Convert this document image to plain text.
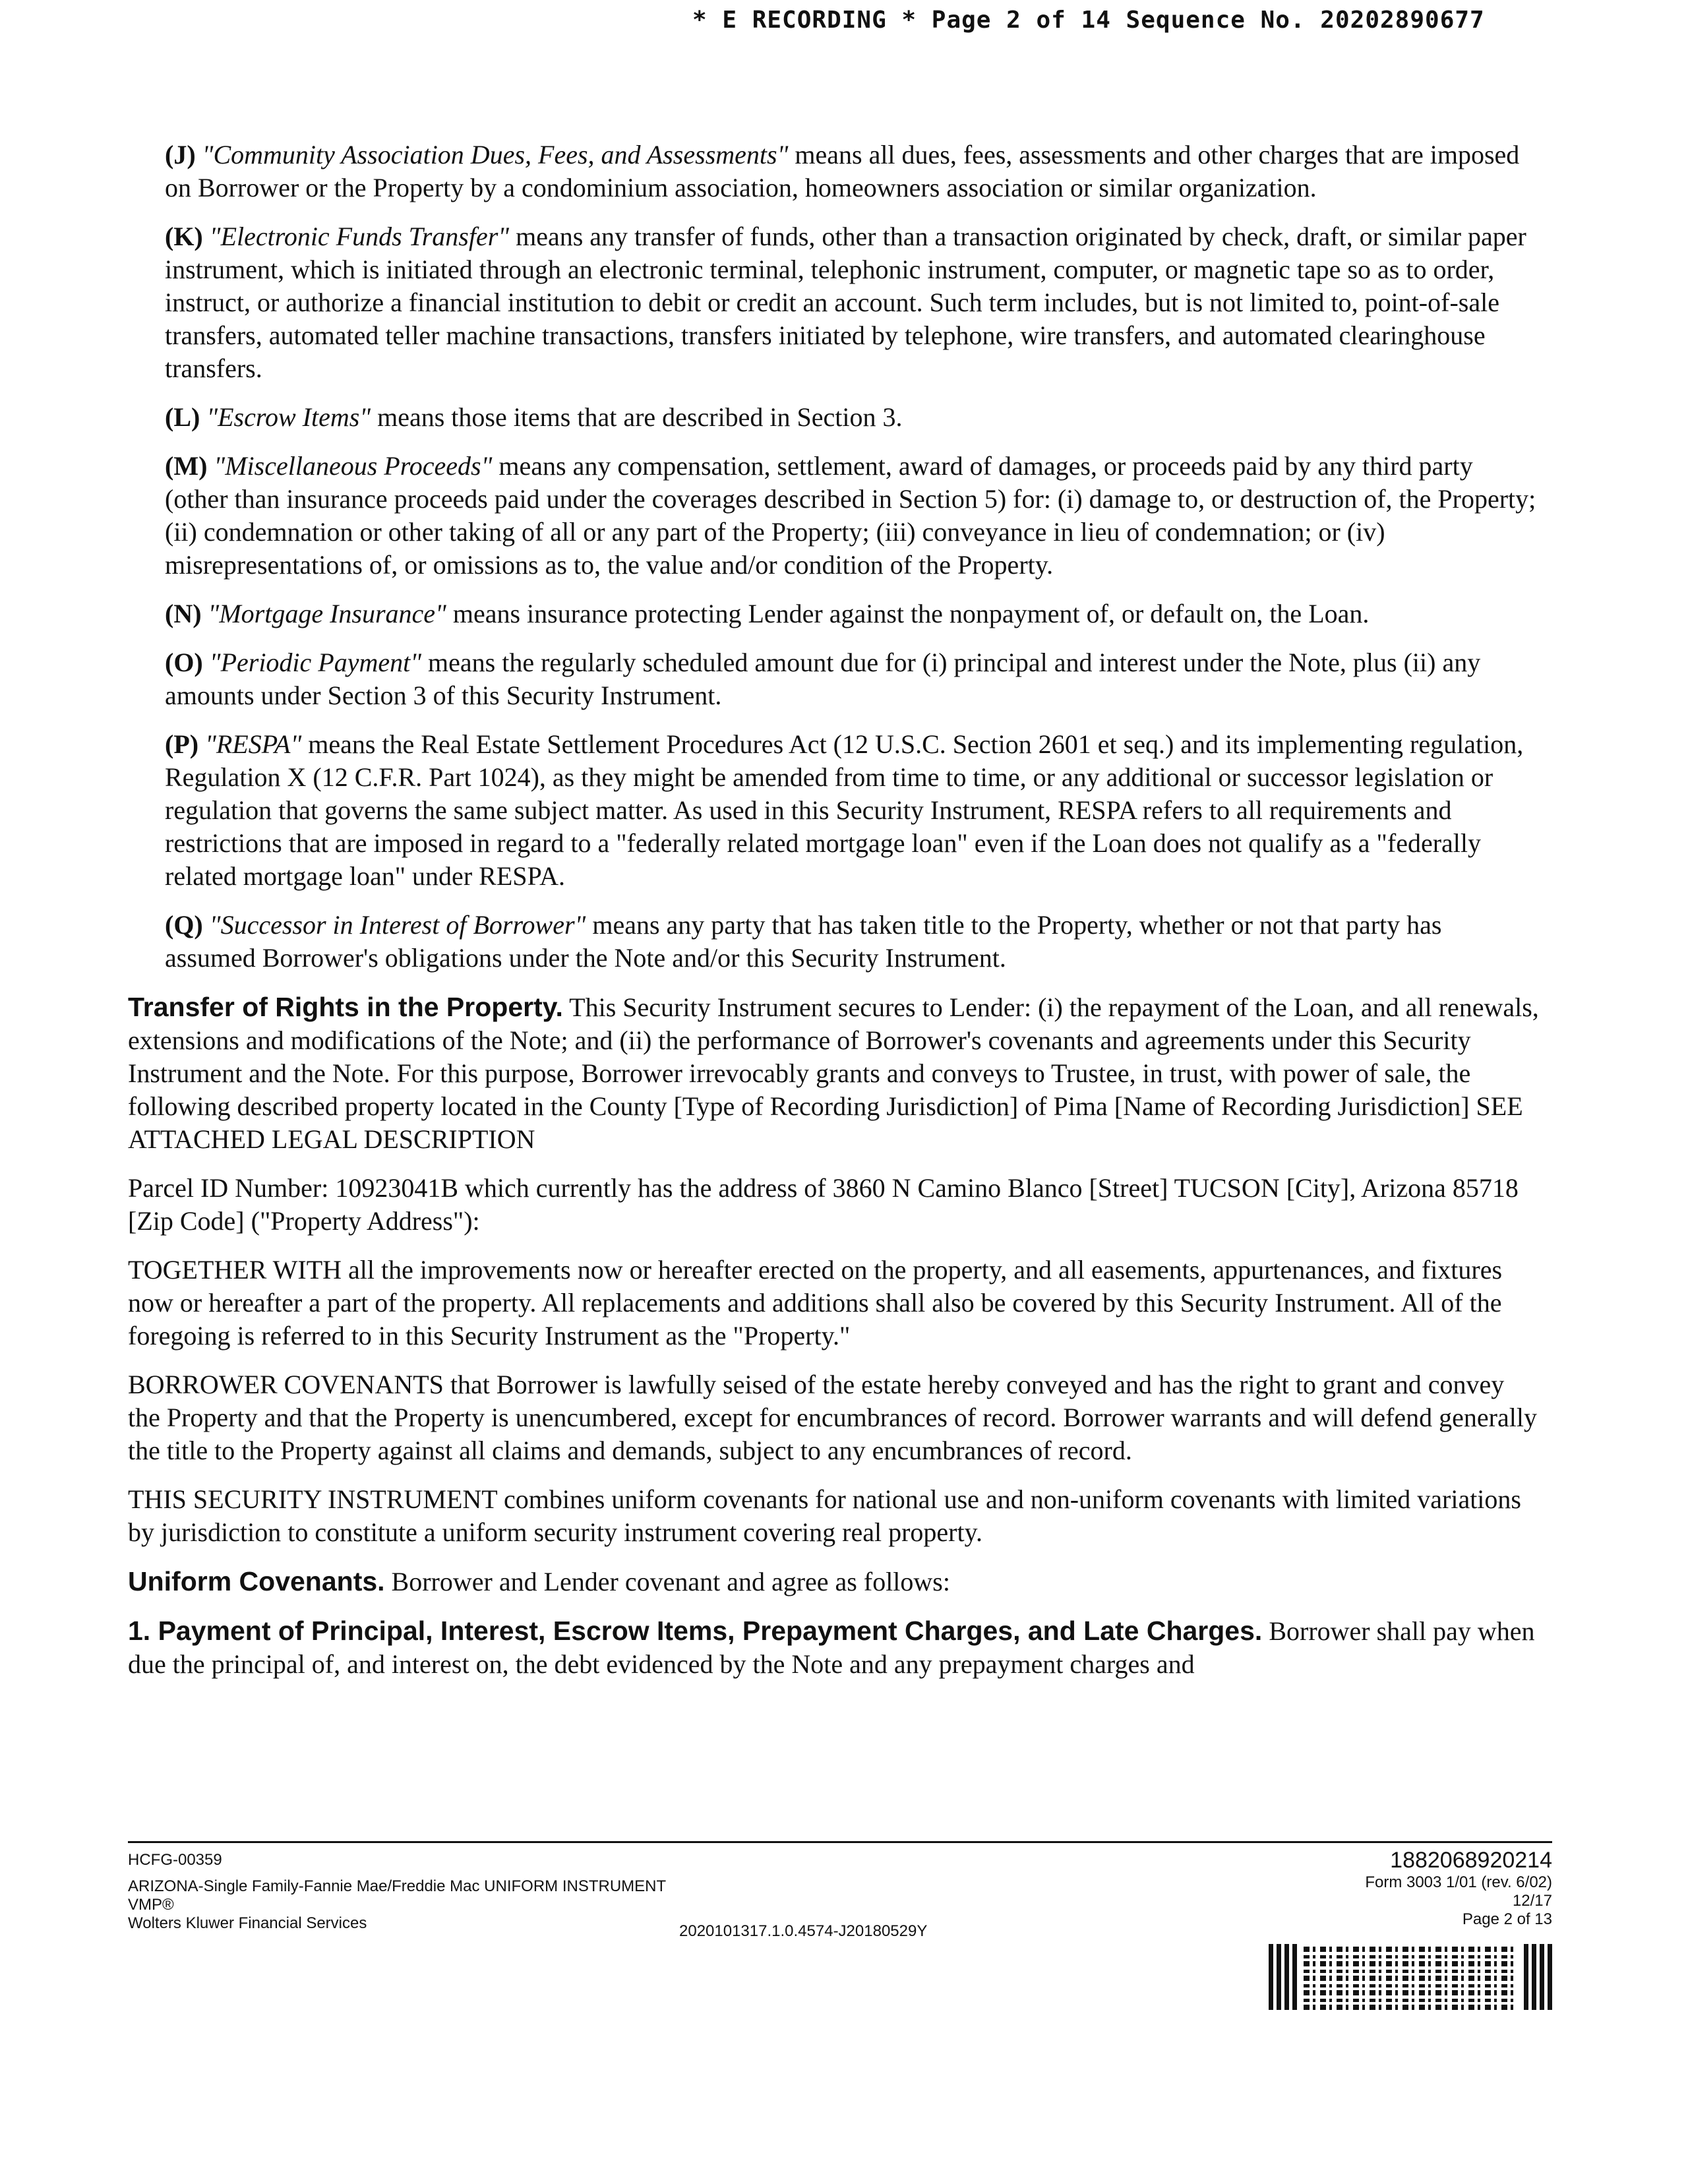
* E RECORDING * Page 2 of 14 Sequence No. 20202890677

(J) "Community Association Dues, Fees, and Assessments" means all dues, fees, assessments and other charges that are imposed on Borrower or the Property by a condominium association, homeowners association or similar organization.

(K) "Electronic Funds Transfer" means any transfer of funds, other than a transaction originated by check, draft, or similar paper instrument, which is initiated through an electronic terminal, telephonic instrument, computer, or magnetic tape so as to order, instruct, or authorize a financial institution to debit or credit an account. Such term includes, but is not limited to, point-of-sale transfers, automated teller machine transactions, transfers initiated by telephone, wire transfers, and automated clearinghouse transfers.

(L) "Escrow Items" means those items that are described in Section 3.

(M) "Miscellaneous Proceeds" means any compensation, settlement, award of damages, or proceeds paid by any third party (other than insurance proceeds paid under the coverages described in Section 5) for: (i) damage to, or destruction of, the Property; (ii) condemnation or other taking of all or any part of the Property; (iii) conveyance in lieu of condemnation; or (iv) misrepresentations of, or omissions as to, the value and/or condition of the Property.

(N) "Mortgage Insurance" means insurance protecting Lender against the nonpayment of, or default on, the Loan.

(O) "Periodic Payment" means the regularly scheduled amount due for (i) principal and interest under the Note, plus (ii) any amounts under Section 3 of this Security Instrument.

(P) "RESPA" means the Real Estate Settlement Procedures Act (12 U.S.C. Section 2601 et seq.) and its implementing regulation, Regulation X (12 C.F.R. Part 1024), as they might be amended from time to time, or any additional or successor legislation or regulation that governs the same subject matter. As used in this Security Instrument, RESPA refers to all requirements and restrictions that are imposed in regard to a "federally related mortgage loan" even if the Loan does not qualify as a "federally related mortgage loan" under RESPA.

(Q) "Successor in Interest of Borrower" means any party that has taken title to the Property, whether or not that party has assumed Borrower's obligations under the Note and/or this Security Instrument.

Transfer of Rights in the Property. This Security Instrument secures to Lender: (i) the repayment of the Loan, and all renewals, extensions and modifications of the Note; and (ii) the performance of Borrower's covenants and agreements under this Security Instrument and the Note. For this purpose, Borrower irrevocably grants and conveys to Trustee, in trust, with power of sale, the following described property located in the County [Type of Recording Jurisdiction] of Pima [Name of Recording Jurisdiction] SEE ATTACHED LEGAL DESCRIPTION

Parcel ID Number: 10923041B which currently has the address of 3860 N Camino Blanco [Street] TUCSON [City], Arizona 85718 [Zip Code] ("Property Address"):

TOGETHER WITH all the improvements now or hereafter erected on the property, and all easements, appurtenances, and fixtures now or hereafter a part of the property. All replacements and additions shall also be covered by this Security Instrument. All of the foregoing is referred to in this Security Instrument as the "Property."

BORROWER COVENANTS that Borrower is lawfully seised of the estate hereby conveyed and has the right to grant and convey the Property and that the Property is unencumbered, except for encumbrances of record. Borrower warrants and will defend generally the title to the Property against all claims and demands, subject to any encumbrances of record.

THIS SECURITY INSTRUMENT combines uniform covenants for national use and non-uniform covenants with limited variations by jurisdiction to constitute a uniform security instrument covering real property.

Uniform Covenants. Borrower and Lender covenant and agree as follows:

1. Payment of Principal, Interest, Escrow Items, Prepayment Charges, and Late Charges. Borrower shall pay when due the principal of, and interest on, the debt evidenced by the Note and any prepayment charges and

HCFG-00359
ARIZONA-Single Family-Fannie Mae/Freddie Mac UNIFORM INSTRUMENT
VMP®
Wolters Kluwer Financial Services	2020101317.1.0.4574-J20180529Y
1882068920214
Form 3003 1/01 (rev. 6/02)
12/17
Page 2 of 13
